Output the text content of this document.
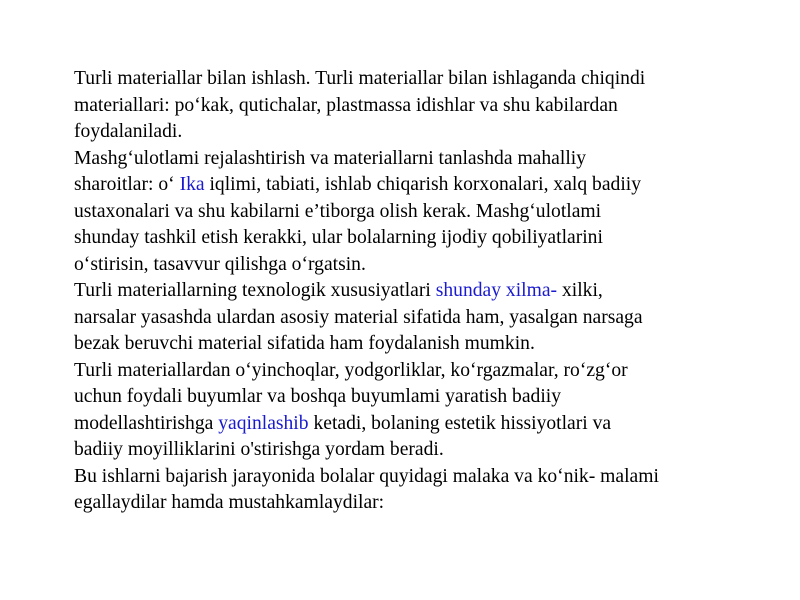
Turli materiallar bilan ishlash. Turli materiallar bilan ishlaganda chiqindi
materiallari: po‘kak, qutichalar, plastmassa idishlar va shu kabilardan
foydalaniladi.
Mashg‘ulotlami rejalashtirish va materiallarni tanlashda mahalliy
sharoitlar: o‘ Ika iqlimi, tabiati, ishlab chiqarish korxonalari, xalq badiiy
ustaxonalari va shu kabilarni e’tiborga olish kerak. Mashg‘ulotlami
shunday tashkil etish kerakki, ular bolalarning ijodiy qobiliyatlarini
o‘stirisin, tasavvur qilishga o‘rgatsin.
Turli materiallarning texnologik xususiyatlari shunday xilma- xilki,
narsalar yasashda ulardan asosiy material sifatida ham, yasalgan narsaga
bezak beruvchi material sifatida ham foydalanish mumkin.
Turli materiallardan o‘yinchoqlar, yodgorliklar, ko‘rgazmalar, ro‘zg‘or
uchun foydali buyumlar va boshqa buyumlami yaratish badiiy
modellashtirishga yaqinlashib ketadi, bolaning estetik hissiyotlari va
badiiy moyilliklarini o'stirishga yordam beradi.
Bu ishlarni bajarish jarayonida bolalar quyidagi malaka va ko‘nik- malami
egallaydilar hamda mustahkamlaydilar:
